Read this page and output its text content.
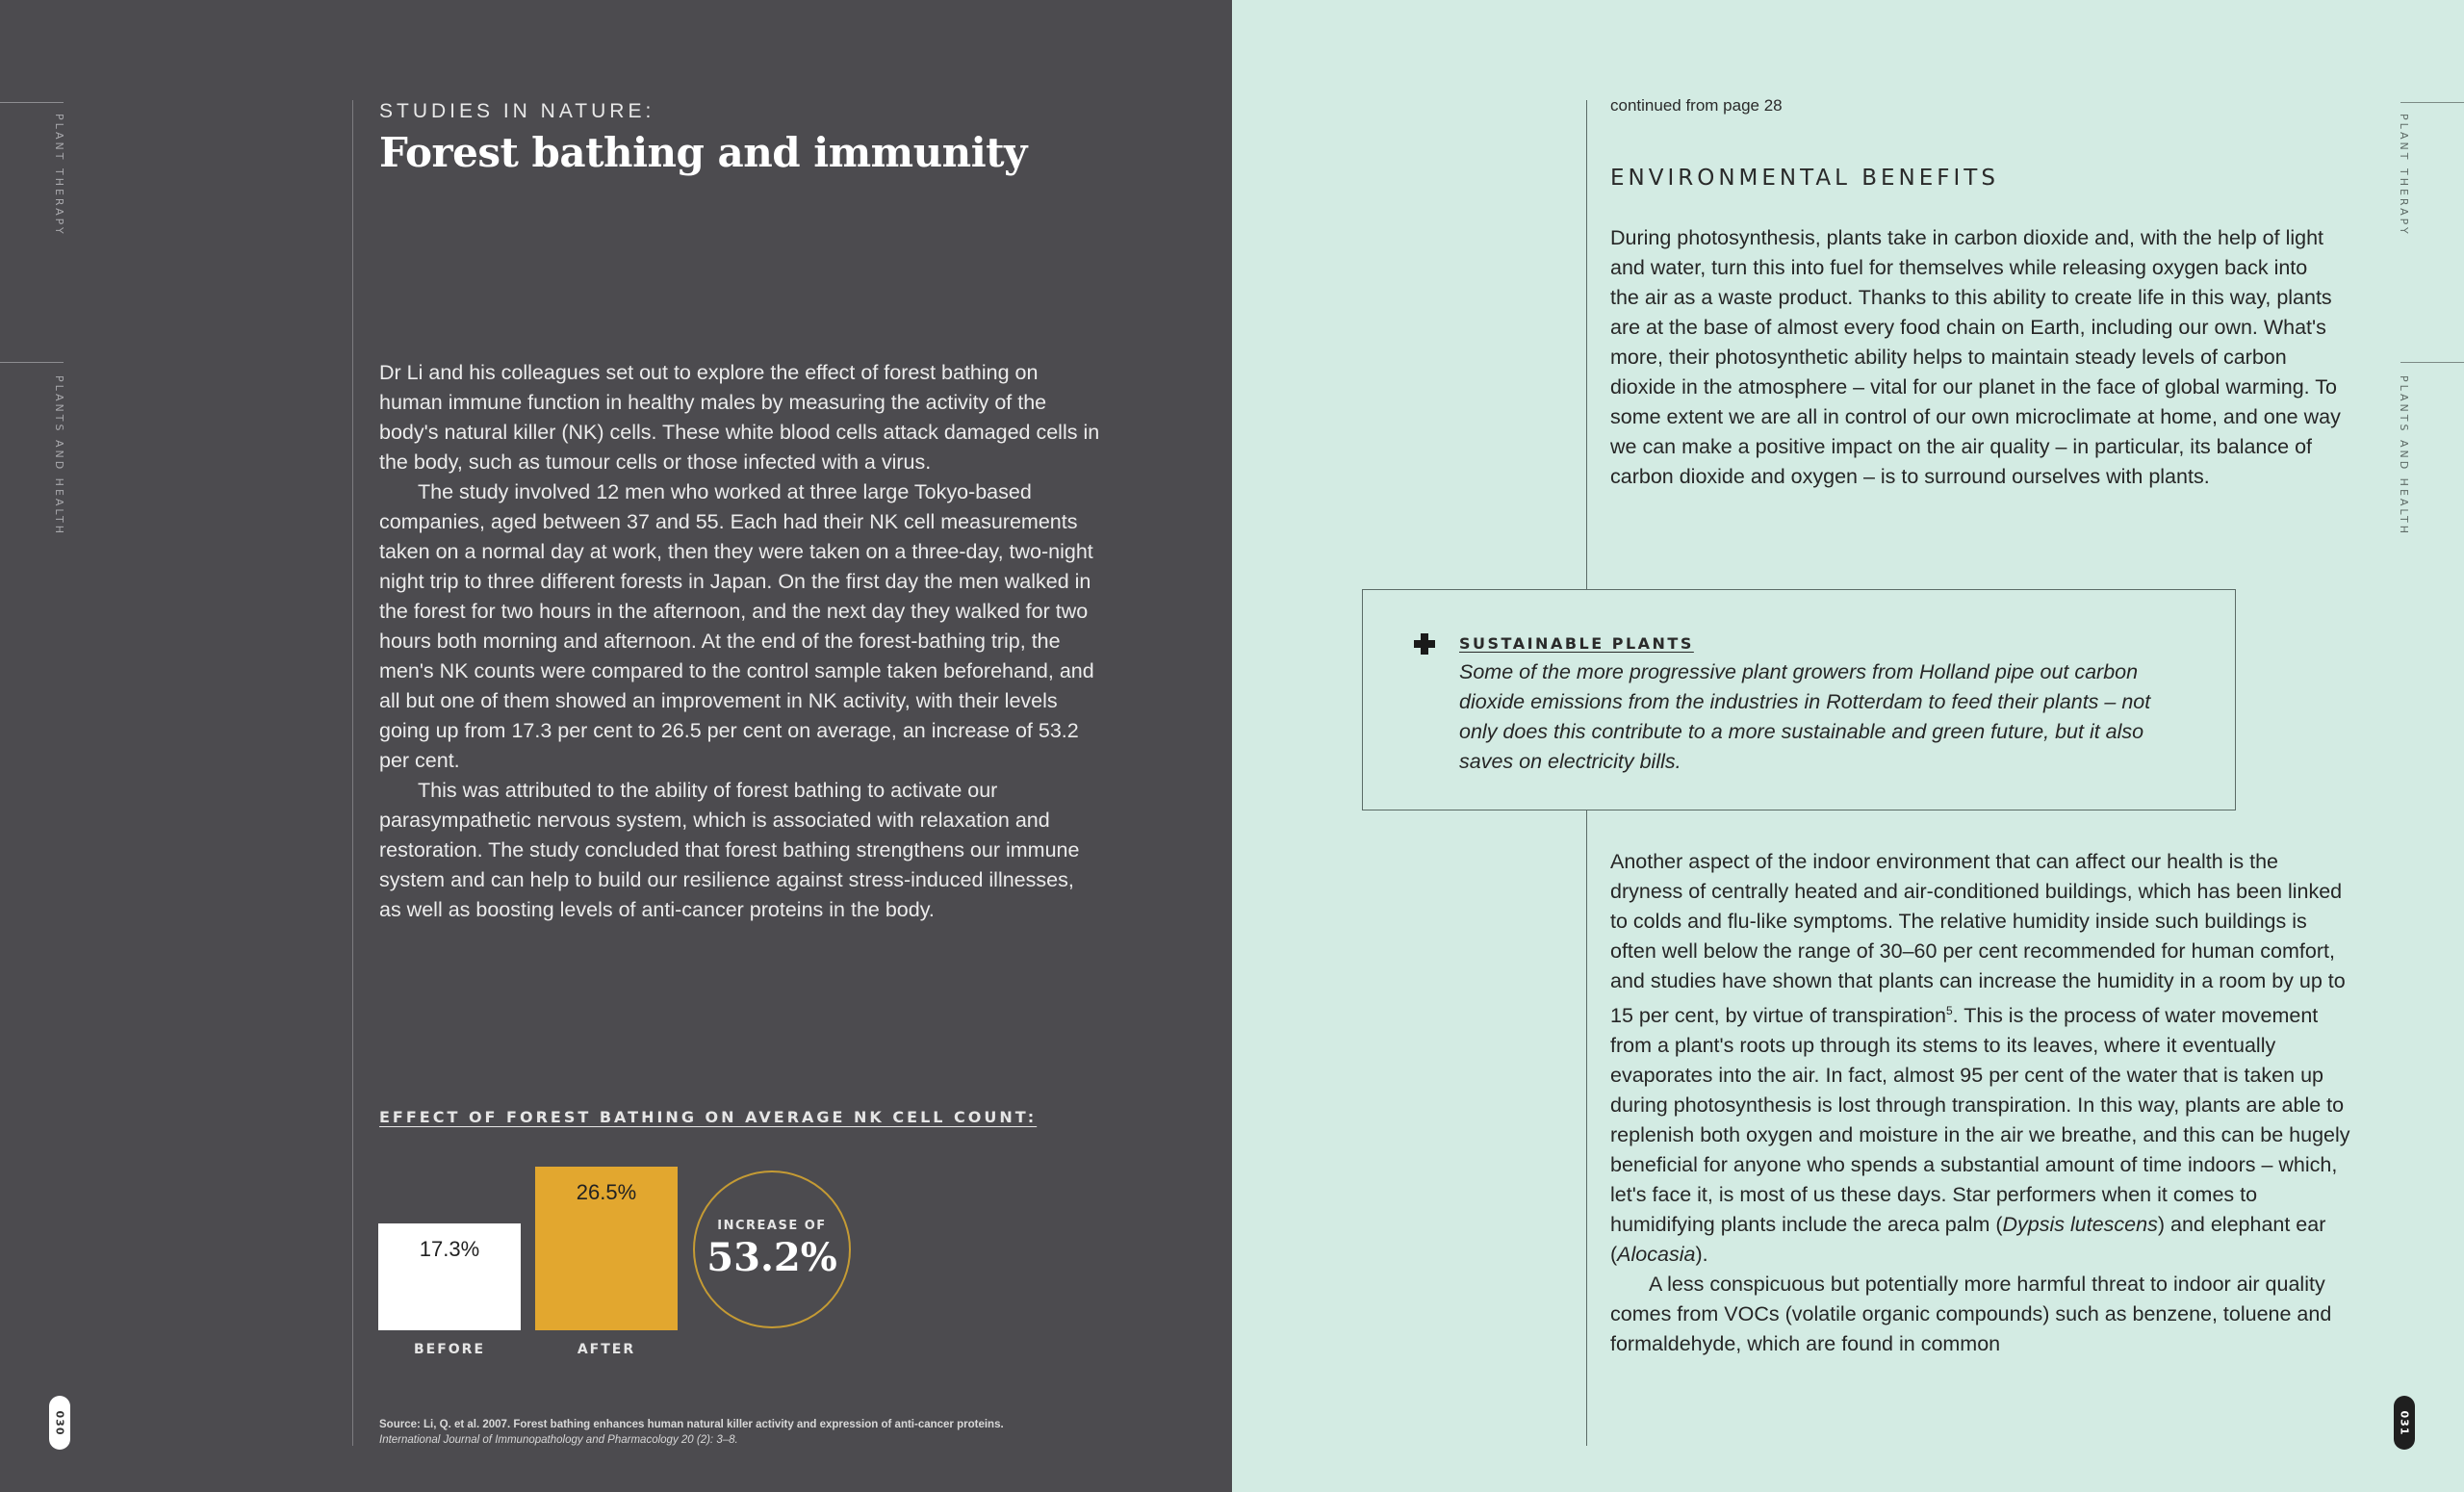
PLANT THERAPY
PLANTS AND HEALTH
030
STUDIES IN NATURE:
Forest bathing and immunity

Dr Li and his colleagues set out to explore the effect of forest bathing on human immune function in healthy males by measuring the activity of the body's natural killer (NK) cells. These white blood cells attack damaged cells in the body, such as tumour cells or those infected with a virus.

The study involved 12 men who worked at three large Tokyo-based companies, aged between 37 and 55. Each had their NK cell measurements taken on a normal day at work, then they were taken on a three-day, two-night night trip to three different forests in Japan. On the first day the men walked in the forest for two hours in the afternoon, and the next day they walked for two hours both morning and afternoon. At the end of the forest-bathing trip, the men's NK counts were compared to the control sample taken beforehand, and all but one of them showed an improvement in NK activity, with their levels going up from 17.3 per cent to 26.5 per cent on average, an increase of 53.2 per cent.

This was attributed to the ability of forest bathing to activate our parasympathetic nervous system, which is associated with relaxation and restoration. The study concluded that forest bathing strengthens our immune system and can help to build our resilience against stress-induced illnesses, as well as boosting levels of anti-cancer proteins in the body.

EFFECT OF FOREST BATHING ON AVERAGE NK CELL COUNT:
17.3%
BEFORE
26.5%
AFTER
INCREASE OF
53.2%
Source: Li, Q. et al. 2007. Forest bathing enhances human natural killer activity and expression of anti-cancer proteins.
International Journal of Immunopathology and Pharmacology 20 (2): 3–8.
PLANT THERAPY
PLANTS AND HEALTH
031
continued from page 28
ENVIRONMENTAL BENEFITS

During photosynthesis, plants take in carbon dioxide and, with the help of light and water, turn this into fuel for themselves while releasing oxygen back into the air as a waste product. Thanks to this ability to create life in this way, plants are at the base of almost every food chain on Earth, including our own. What's more, their photosynthetic ability helps to maintain steady levels of carbon dioxide in the atmosphere – vital for our planet in the face of global warming. To some extent we are all in control of our own microclimate at home, and one way we can make a positive impact on the air quality – in particular, its balance of carbon dioxide and oxygen – is to surround ourselves with plants.

SUSTAINABLE PLANTS
Some of the more progressive plant growers from Holland pipe out carbon dioxide emissions from the industries in Rotterdam to feed their plants – not only does this contribute to a more sustainable and green future, but it also saves on electricity bills.

Another aspect of the indoor environment that can affect our health is the dryness of centrally heated and air-conditioned buildings, which has been linked to colds and flu-like symptoms. The relative humidity inside such buildings is often well below the range of 30–60 per cent recommended for human comfort, and studies have shown that plants can increase the humidity in a room by up to 15 per cent, by virtue of transpiration$^5$. This is the process of water movement from a plant's roots up through its stems to its leaves, where it eventually evaporates into the air. In fact, almost 95 per cent of the water that is taken up during photosynthesis is lost through transpiration. In this way, plants are able to replenish both oxygen and moisture in the air we breathe, and this can be hugely beneficial for anyone who spends a substantial amount of time indoors – which, let's face it, is most of us these days. Star performers when it comes to humidifying plants include the areca palm (Dypsis lutescens) and elephant ear (Alocasia).

A less conspicuous but potentially more harmful threat to indoor air quality comes from VOCs (volatile organic compounds) such as benzene, toluene and formaldehyde, which are found in common
